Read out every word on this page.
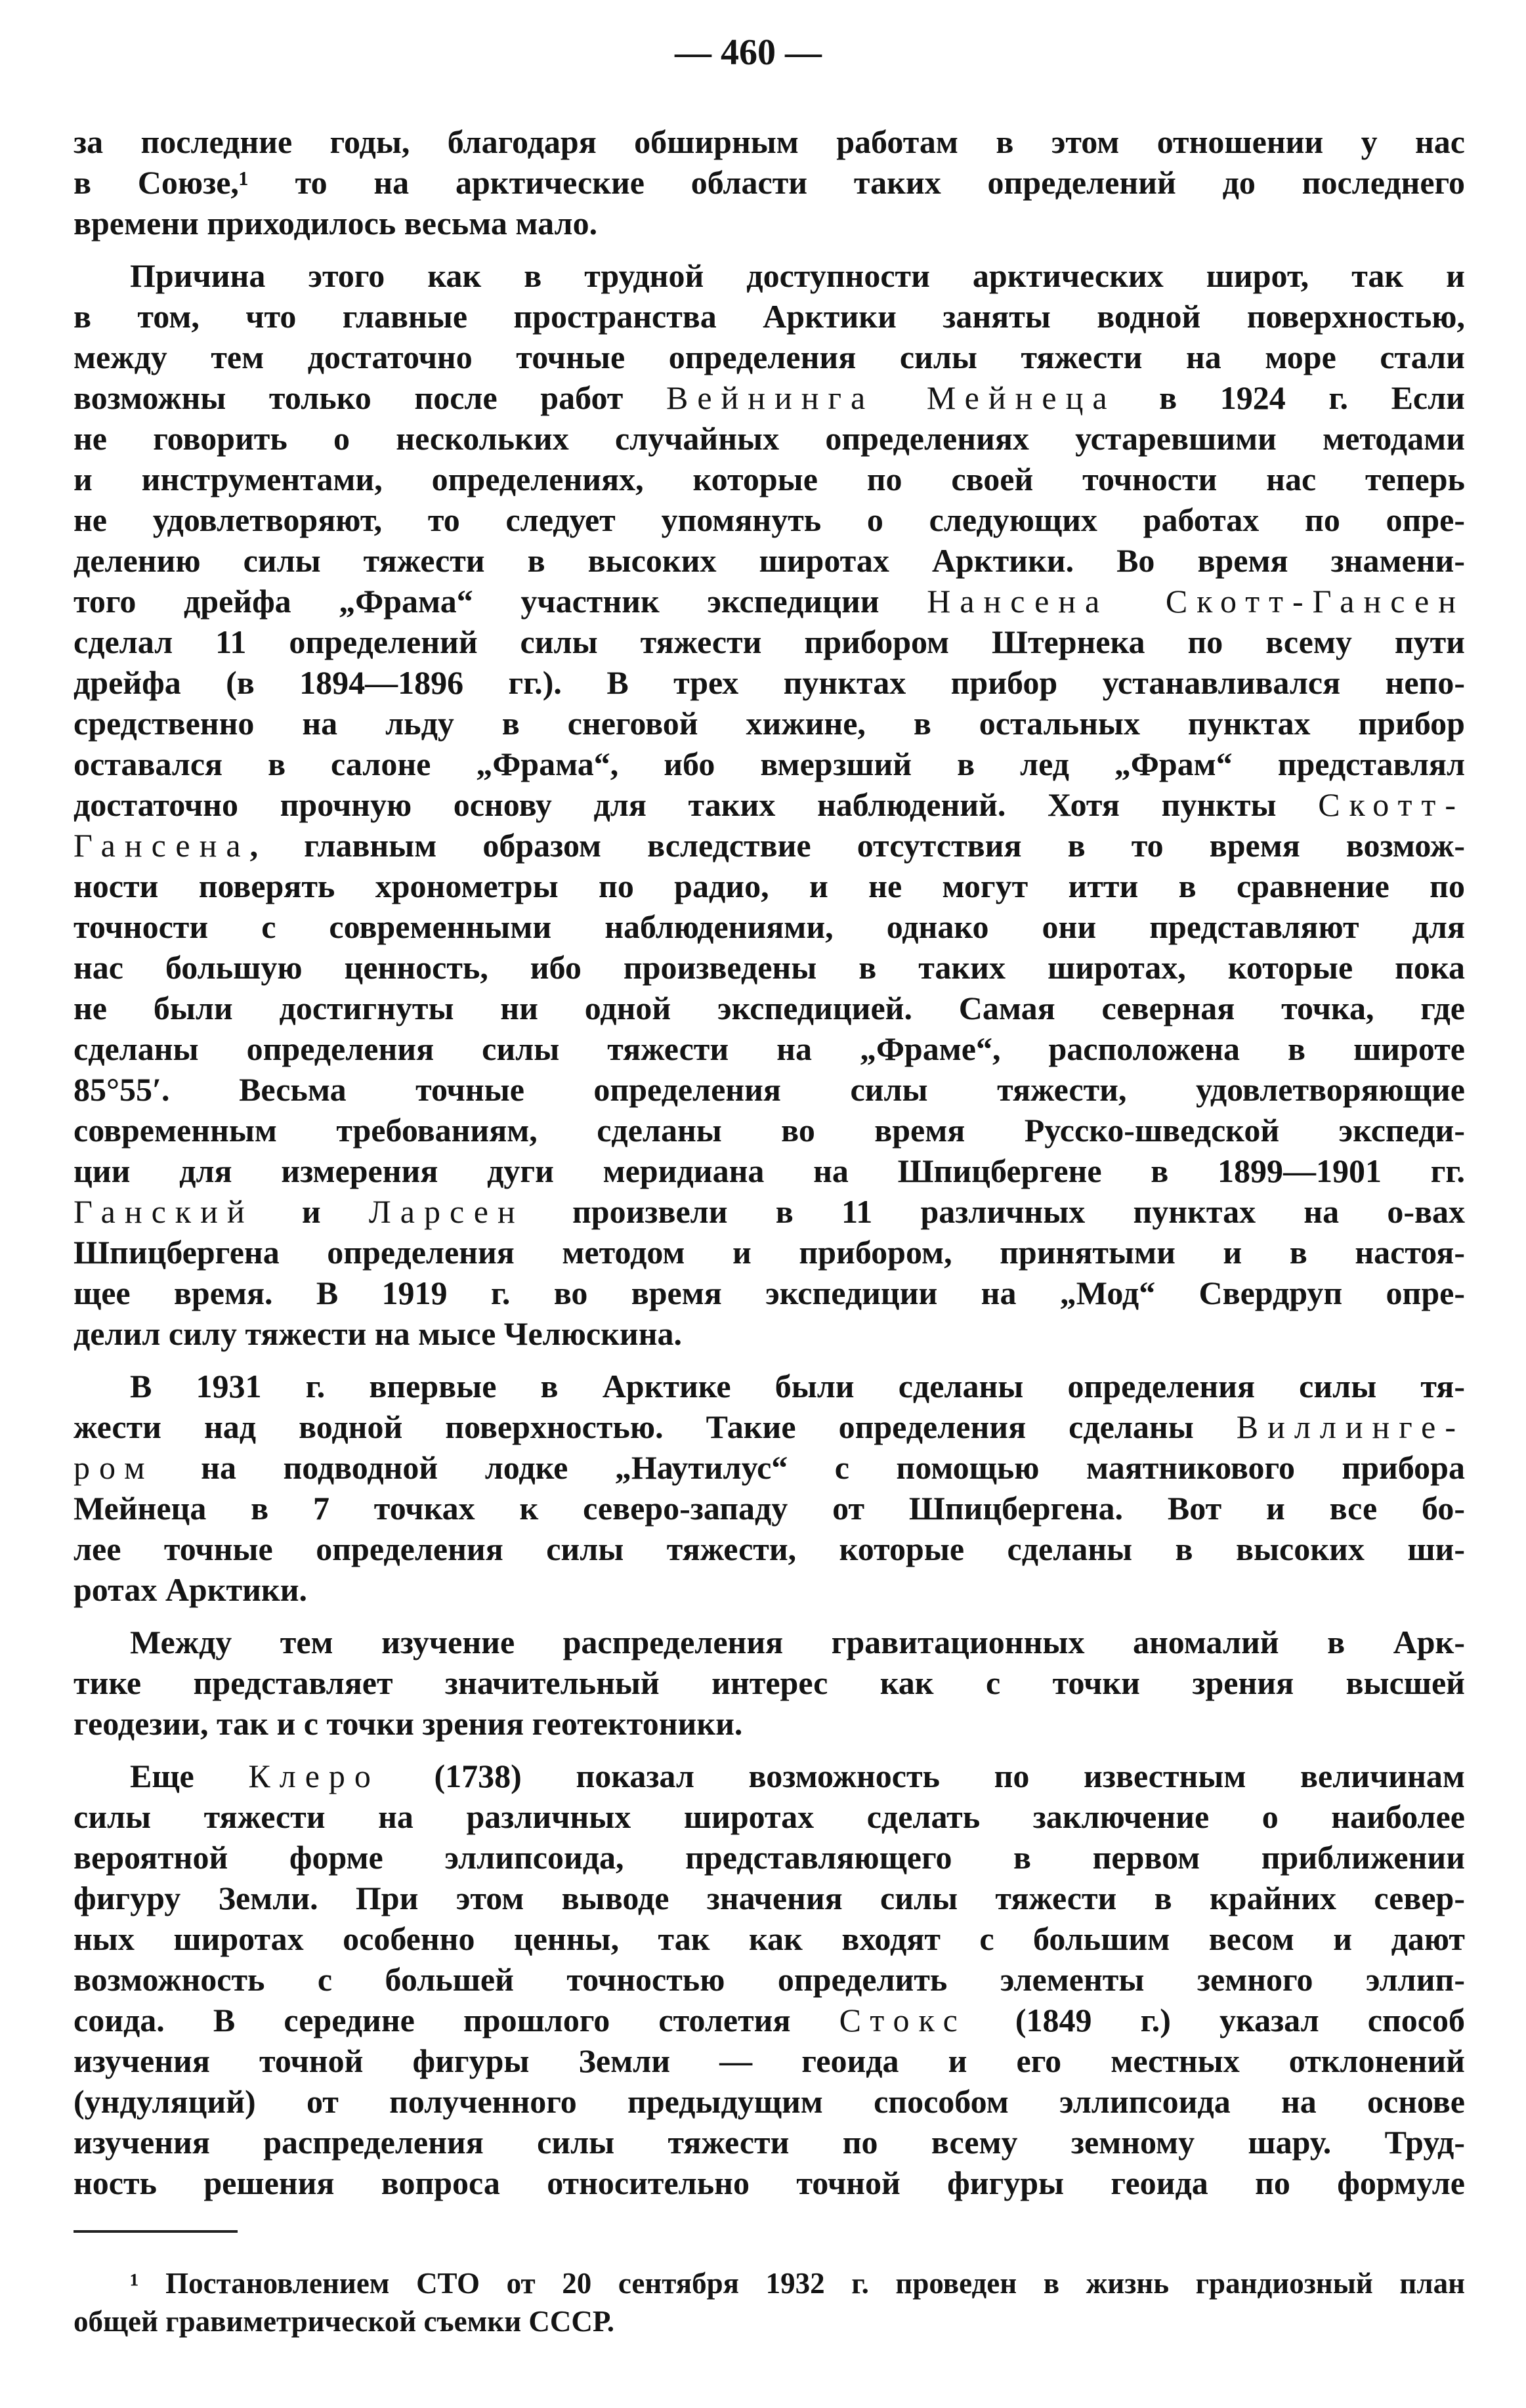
— 460 —
за последние годы, благодаря обширным работам в этом отношении у нас
в Союзе,¹ то на арктические области таких определений до последнего
времени приходилось весьма мало.
Причина этого как в трудной доступности арктических широт, так и
в том, что главные пространства Арктики заняты водной поверхностью,
между тем достаточно точные определения силы тяжести на море стали
возможны только после работ Вейнинга Мейнеца в 1924 г. Если
не говорить о нескольких случайных определениях устаревшими методами
и инструментами, определениях, которые по своей точности нас теперь
не удовлетворяют, то следует упомянуть о следующих работах по опре-
делению силы тяжести в высоких широтах Арктики. Во время знамени-
того дрейфа „Фрама“ участник экспедиции Нансена Скотт-Гансен
сделал 11 определений силы тяжести прибором Штернека по всему пути
дрейфа (в 1894—1896 гг.). В трех пунктах прибор устанавливался непо-
средственно на льду в снеговой хижине, в остальных пунктах прибор
оставался в салоне „Фрама“, ибо вмерзший в лед „Фрам“ представлял
достаточно прочную основу для таких наблюдений. Хотя пункты Скотт-
Гансена, главным образом вследствие отсутствия в то время возмож-
ности поверять хронометры по радио, и не могут итти в сравнение по
точности с современными наблюдениями, однако они представляют для
нас большую ценность, ибо произведены в таких широтах, которые пока
не были достигнуты ни одной экспедицией. Самая северная точка, где
сделаны определения силы тяжести на „Фраме“, расположена в широте
85°55′. Весьма точные определения силы тяжести, удовлетворяющие
современным требованиям, сделаны во время Русско-шведской экспеди-
ции для измерения дуги меридиана на Шпицбергене в 1899—1901 гг.
Ганский и Ларсен произвели в 11 различных пунктах на о-вах
Шпицбергена определения методом и прибором, принятыми и в настоя-
щее время. В 1919 г. во время экспедиции на „Мод“ Свердруп опре-
делил силу тяжести на мысе Челюскина.
В 1931 г. впервые в Арктике были сделаны определения силы тя-
жести над водной поверхностью. Такие определения сделаны Виллинге-
ром на подводной лодке „Наутилус“ с помощью маятникового прибора
Мейнеца в 7 точках к северо-западу от Шпицбергена. Вот и все бо-
лее точные определения силы тяжести, которые сделаны в высоких ши-
ротах Арктики.
Между тем изучение распределения гравитационных аномалий в Арк-
тике представляет значительный интерес как с точки зрения высшей
геодезии, так и с точки зрения геотектоники.
Еще Клеро (1738) показал возможность по известным величинам
силы тяжести на различных широтах сделать заключение о наиболее
вероятной форме эллипсоида, представляющего в первом приближении
фигуру Земли. При этом выводе значения силы тяжести в крайних север-
ных широтах особенно ценны, так как входят с большим весом и дают
возможность с большей точностью определить элементы земного эллип-
соида. В середине прошлого столетия Стокс (1849 г.) указал способ
изучения точной фигуры Земли — геоида и его местных отклонений
(ундуляций) от полученного предыдущим способом эллипсоида на основе
изучения распределения силы тяжести по всему земному шару. Труд-
ность решения вопроса относительно точной фигуры геоида по формуле
¹ Постановлением СТО от 20 сентября 1932 г. проведен в жизнь грандиозный план
общей гравиметрической съемки СССР.
